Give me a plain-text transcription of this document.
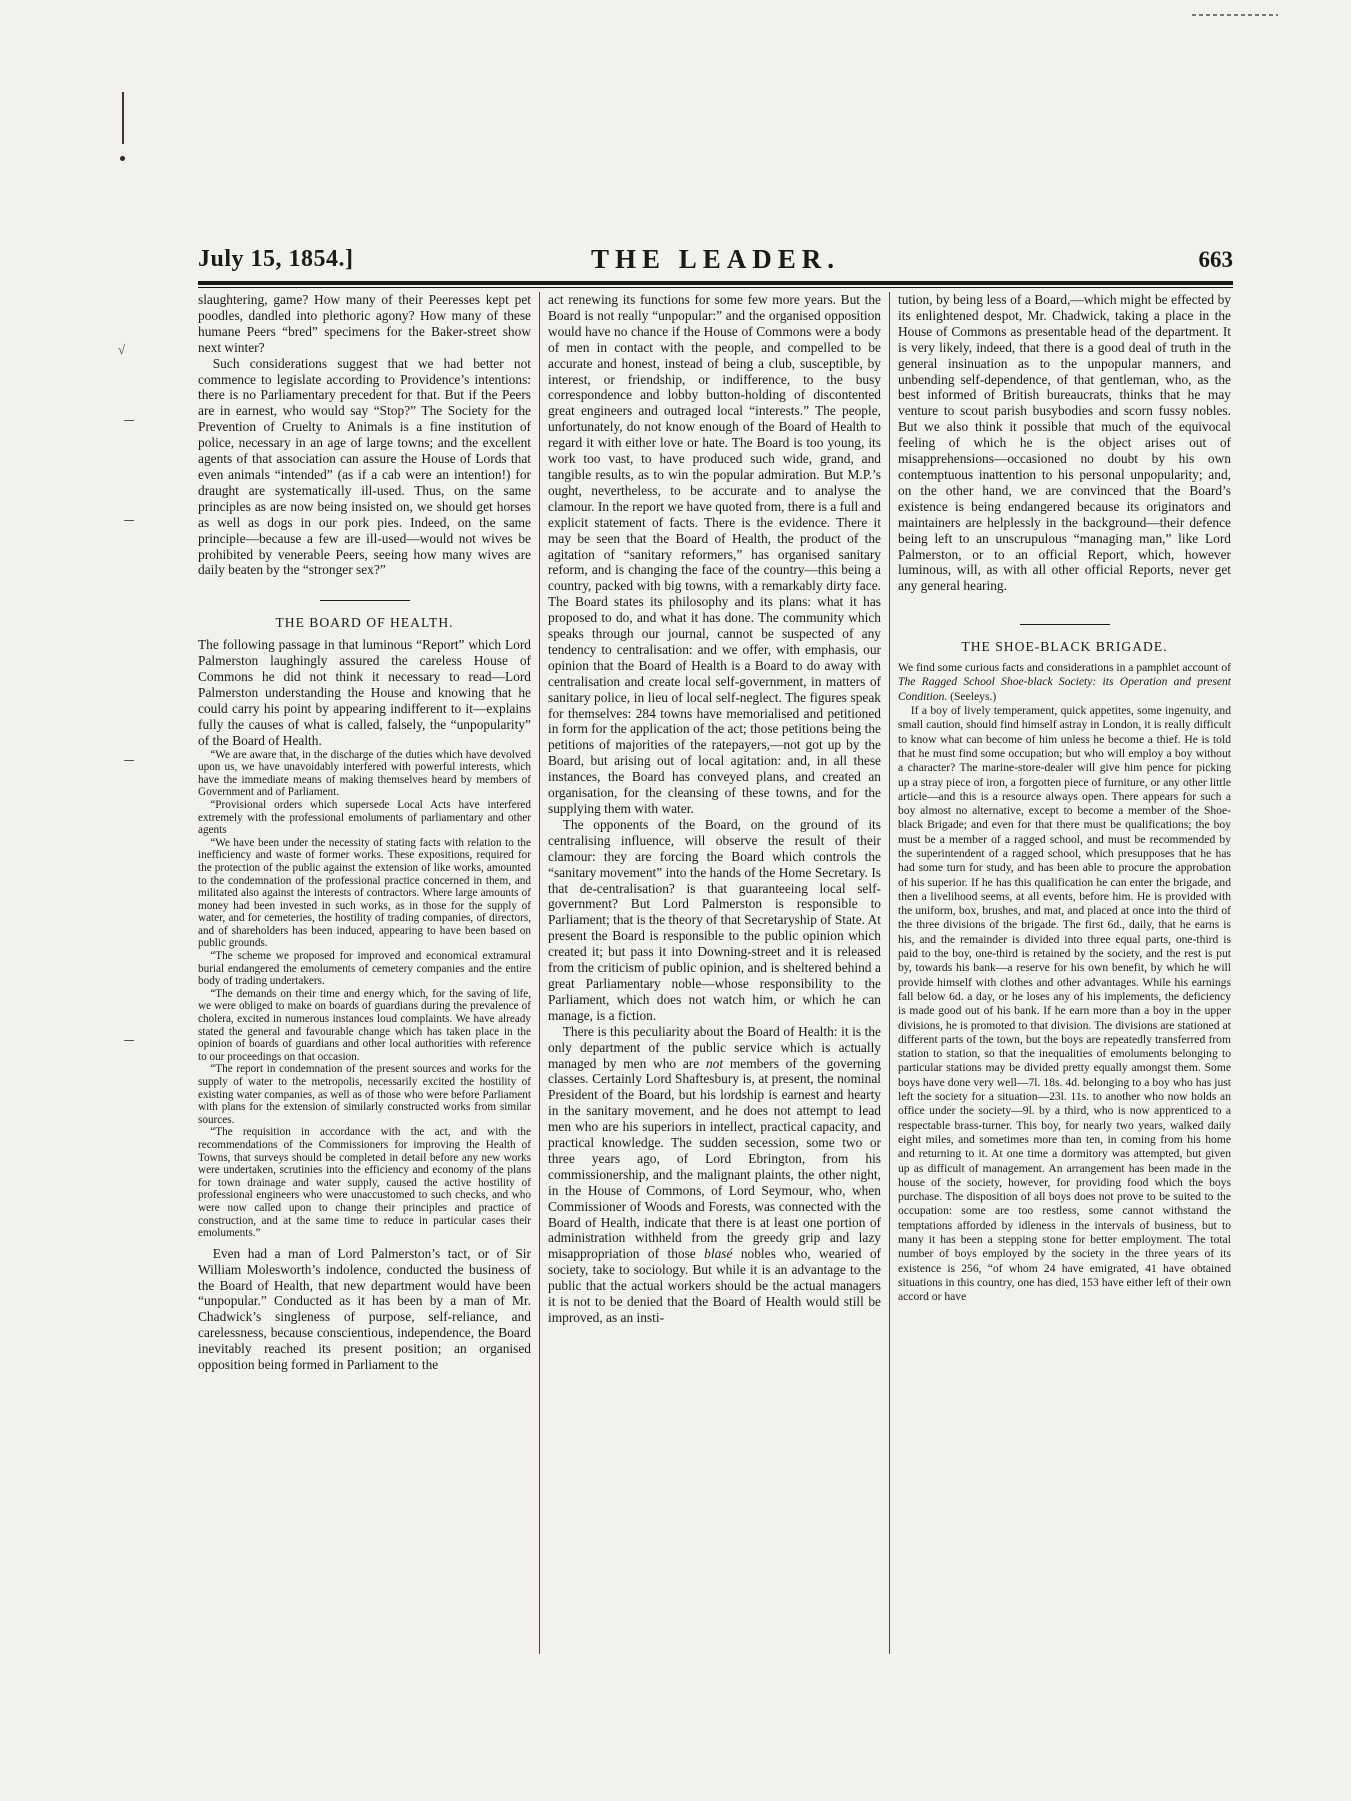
√
July 15, 1854.]	THE LEADER.	663

slaughtering, game? How many of their Peeresses kept pet poodles, dandled into plethoric agony? How many of these humane Peers “bred” specimens for the Baker-street show next winter?

Such considerations suggest that we had better not commence to legislate according to Providence’s intentions: there is no Parliamentary precedent for that. But if the Peers are in earnest, who would say “Stop?” The Society for the Prevention of Cruelty to Animals is a fine institution of police, necessary in an age of large towns; and the excellent agents of that association can assure the House of Lords that even animals “intended” (as if a cab were an intention!) for draught are systematically ill-used. Thus, on the same principles as are now being insisted on, we should get horses as well as dogs in our pork pies. Indeed, on the same principle—because a few are ill-used—would not wives be prohibited by venerable Peers, seeing how many wives are daily beaten by the “stronger sex?”

THE BOARD OF HEALTH.

The following passage in that luminous “Report” which Lord Palmerston laughingly assured the careless House of Commons he did not think it necessary to read—Lord Palmerston understanding the House and knowing that he could carry his point by appearing indifferent to it—explains fully the causes of what is called, falsely, the “unpopularity” of the Board of Health.

“We are aware that, in the discharge of the duties which have devolved upon us, we have unavoidably interfered with powerful interests, which have the immediate means of making themselves heard by members of Government and of Parliament.

“Provisional orders which supersede Local Acts have interfered extremely with the professional emoluments of parliamentary and other agents

“We have been under the necessity of stating facts with relation to the inefficiency and waste of former works. These expositions, required for the protection of the public against the extension of like works, amounted to the condemnation of the professional practice concerned in them, and militated also against the interests of contractors. Where large amounts of money had been invested in such works, as in those for the supply of water, and for cemeteries, the hostility of trading companies, of directors, and of shareholders has been induced, appearing to have been based on public grounds.

“The scheme we proposed for improved and economical extramural burial endangered the emoluments of cemetery companies and the entire body of trading undertakers.

“The demands on their time and energy which, for the saving of life, we were obliged to make on boards of guardians during the prevalence of cholera, excited in numerous instances loud complaints. We have already stated the general and favourable change which has taken place in the opinion of boards of guardians and other local authorities with reference to our proceedings on that occasion.

“The report in condemnation of the present sources and works for the supply of water to the metropolis, necessarily excited the hostility of existing water companies, as well as of those who were before Parliament with plans for the extension of similarly constructed works from similar sources.

“The requisition in accordance with the act, and with the recommendations of the Commissioners for improving the Health of Towns, that surveys should be completed in detail before any new works were undertaken, scrutinies into the efficiency and economy of the plans for town drainage and water supply, caused the active hostility of professional engineers who were unaccustomed to such checks, and who were now called upon to change their principles and practice of construction, and at the same time to reduce in particular cases their emoluments.”

Even had a man of Lord Palmerston’s tact, or of Sir William Molesworth’s indolence, conducted the business of the Board of Health, that new department would have been “unpopular.” Conducted as it has been by a man of Mr. Chadwick’s singleness of purpose, self-reliance, and carelessness, because conscientious, independence, the Board inevitably reached its present position; an organised opposition being formed in Parliament to the

act renewing its functions for some few more years. But the Board is not really “unpopular:” and the organised opposition would have no chance if the House of Commons were a body of men in contact with the people, and compelled to be accurate and honest, instead of being a club, susceptible, by interest, or friendship, or indifference, to the busy correspondence and lobby button-holding of discontented great engineers and outraged local “interests.” The people, unfortunately, do not know enough of the Board of Health to regard it with either love or hate. The Board is too young, its work too vast, to have produced such wide, grand, and tangible results, as to win the popular admiration. But M.P.’s ought, nevertheless, to be accurate and to analyse the clamour. In the report we have quoted from, there is a full and explicit statement of facts. There is the evidence. There it may be seen that the Board of Health, the product of the agitation of “sanitary reformers,” has organised sanitary reform, and is changing the face of the country—this being a country, packed with big towns, with a remarkably dirty face. The Board states its philosophy and its plans: what it has proposed to do, and what it has done. The community which speaks through our journal, cannot be suspected of any tendency to centralisation: and we offer, with emphasis, our opinion that the Board of Health is a Board to do away with centralisation and create local self-government, in matters of sanitary police, in lieu of local self-neglect. The figures speak for themselves: 284 towns have memorialised and petitioned in form for the application of the act; those petitions being the petitions of majorities of the ratepayers,—not got up by the Board, but arising out of local agitation: and, in all these instances, the Board has conveyed plans, and created an organisation, for the cleansing of these towns, and for the supplying them with water.

The opponents of the Board, on the ground of its centralising influence, will observe the result of their clamour: they are forcing the Board which controls the “sanitary movement” into the hands of the Home Secretary. Is that de-centralisation? is that guaranteeing local self-government? But Lord Palmerston is responsible to Parliament; that is the theory of that Secretaryship of State. At present the Board is responsible to the public opinion which created it; but pass it into Downing-street and it is released from the criticism of public opinion, and is sheltered behind a great Parliamentary noble—whose responsibility to the Parliament, which does not watch him, or which he can manage, is a fiction.

There is this peculiarity about the Board of Health: it is the only department of the public service which is actually managed by men who are not members of the governing classes. Certainly Lord Shaftesbury is, at present, the nominal President of the Board, but his lordship is earnest and hearty in the sanitary movement, and he does not attempt to lead men who are his superiors in intellect, practical capacity, and practical knowledge. The sudden secession, some two or three years ago, of Lord Ebrington, from his commissionership, and the malignant plaints, the other night, in the House of Commons, of Lord Seymour, who, when Commissioner of Woods and Forests, was connected with the Board of Health, indicate that there is at least one portion of administration withheld from the greedy grip and lazy misappropriation of those blasé nobles who, wearied of society, take to sociology. But while it is an advantage to the public that the actual workers should be the actual managers it is not to be denied that the Board of Health would still be improved, as an insti-

tution, by being less of a Board,—which might be effected by its enlightened despot, Mr. Chadwick, taking a place in the House of Commons as presentable head of the department. It is very likely, indeed, that there is a good deal of truth in the general insinuation as to the unpopular manners, and unbending self-dependence, of that gentleman, who, as the best informed of British bureaucrats, thinks that he may venture to scout parish busybodies and scorn fussy nobles. But we also think it possible that much of the equivocal feeling of which he is the object arises out of misapprehensions—occasioned no doubt by his own contemptuous inattention to his personal unpopularity; and, on the other hand, we are convinced that the Board’s existence is being endangered because its originators and maintainers are helplessly in the background—their defence being left to an unscrupulous “managing man,” like Lord Palmerston, or to an official Report, which, however luminous, will, as with all other official Reports, never get any general hearing.

THE SHOE-BLACK BRIGADE.

We find some curious facts and considerations in a pamphlet account of The Ragged School Shoe-black Society: its Operation and present Condition. (Seeleys.)

If a boy of lively temperament, quick appetites, some ingenuity, and small caution, should find himself astray in London, it is really difficult to know what can become of him unless he become a thief. He is told that he must find some occupation; but who will employ a boy without a character? The marine-store-dealer will give him pence for picking up a stray piece of iron, a forgotten piece of furniture, or any other little article—and this is a resource always open. There appears for such a boy almost no alternative, except to become a member of the Shoe-black Brigade; and even for that there must be qualifications; the boy must be a member of a ragged school, and must be recommended by the superintendent of a ragged school, which presupposes that he has had some turn for study, and has been able to procure the approbation of his superior. If he has this qualification he can enter the brigade, and then a livelihood seems, at all events, before him. He is provided with the uniform, box, brushes, and mat, and placed at once into the third of the three divisions of the brigade. The first 6d., daily, that he earns is his, and the remainder is divided into three equal parts, one-third is paid to the boy, one-third is retained by the society, and the rest is put by, towards his bank—a reserve for his own benefit, by which he will provide himself with clothes and other advantages. While his earnings fall below 6d. a day, or he loses any of his implements, the deficiency is made good out of his bank. If he earn more than a boy in the upper divisions, he is promoted to that division. The divisions are stationed at different parts of the town, but the boys are repeatedly transferred from station to station, so that the inequalities of emoluments belonging to particular stations may be divided pretty equally amongst them. Some boys have done very well—7l. 18s. 4d. belonging to a boy who has just left the society for a situation—23l. 11s. to another who now holds an office under the society—9l. by a third, who is now apprenticed to a respectable brass-turner. This boy, for nearly two years, walked daily eight miles, and sometimes more than ten, in coming from his home and returning to it. At one time a dormitory was attempted, but given up as difficult of management. An arrangement has been made in the house of the society, however, for providing food which the boys purchase. The disposition of all boys does not prove to be suited to the occupation: some are too restless, some cannot withstand the temptations afforded by idleness in the intervals of business, but to many it has been a stepping stone for better employment. The total number of boys employed by the society in the three years of its existence is 256, “of whom 24 have emigrated, 41 have obtained situations in this country, one has died, 153 have either left of their own accord or have
